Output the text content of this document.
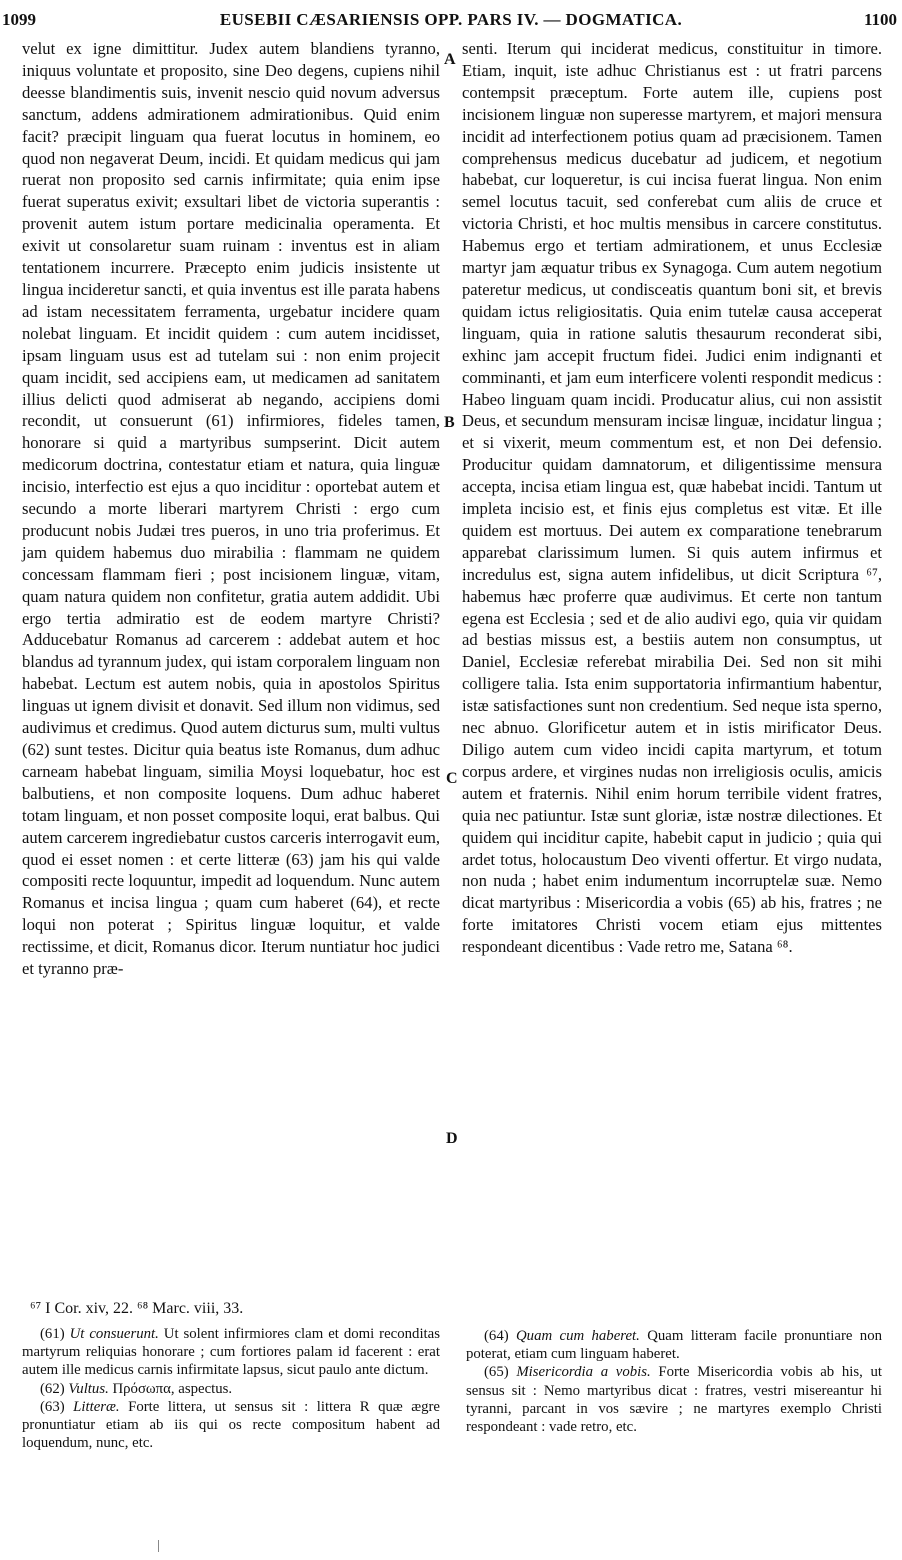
1099	EUSEBII CÆSARIENSIS OPP. PARS IV. — DOGMATICA.	1100

velut ex igne dimittitur. Judex autem blandiens tyranno, iniquus voluntate et proposito, sine Deo degens, cupiens nihil deesse blandimentis suis, invenit nescio quid novum adversus sanctum, addens admirationem admirationibus. Quid enim facit? præcipit linguam qua fuerat locutus in hominem, eo quod non negaverat Deum, incidi. Et quidam medicus qui jam ruerat non proposito sed carnis infirmitate; quia enim ipse fuerat superatus exivit; exsultari libet de victoria superantis : provenit autem istum portare medicinalia operamenta. Et exivit ut consolaretur suam ruinam : inventus est in aliam tentationem incurrere. Præcepto enim judicis insistente ut lingua incideretur sancti, et quia inventus est ille parata habens ad istam necessitatem ferramenta, urgebatur incidere quam nolebat linguam. Et incidit quidem : cum autem incidisset, ipsam linguam usus est ad tutelam sui : non enim projecit quam incidit, sed accipiens eam, ut medicamen ad sanitatem illius delicti quod admiserat ab negando, accipiens domi recondit, ut consuerunt (61) infirmiores, fideles tamen, honorare si quid a martyribus sumpserint. Dicit autem medicorum doctrina, contestatur etiam et natura, quia linguæ incisio, interfectio est ejus a quo inciditur : oportebat autem et secundo a morte liberari martyrem Christi : ergo cum producunt nobis Judæi tres pueros, in uno tria proferimus. Et jam quidem habemus duo mirabilia : flammam ne quidem concessam flammam fieri ; post incisionem linguæ, vitam, quam natura quidem non confitetur, gratia autem addidit. Ubi ergo tertia admiratio est de eodem martyre Christi? Adducebatur Romanus ad carcerem : addebat autem et hoc blandus ad tyrannum judex, qui istam corporalem linguam non habebat. Lectum est autem nobis, quia in apostolos Spiritus linguas ut ignem divisit et donavit. Sed illum non vidimus, sed audivimus et credimus. Quod autem dicturus sum, multi vultus (62) sunt testes. Dicitur quia beatus iste Romanus, dum adhuc carneam habebat linguam, similia Moysi loquebatur, hoc est balbutiens, et non composite loquens. Dum adhuc haberet totam linguam, et non posset composite loqui, erat balbus. Qui autem carcerem ingrediebatur custos carceris interrogavit eum, quod ei esset nomen : et certe litteræ (63) jam his qui valde compositi recte loquuntur, impedit ad loquendum. Nunc autem Romanus et incisa lingua ; quam cum haberet (64), et recte loqui non poterat ; Spiritus linguæ loquitur, et valde rectissime, et dicit, Romanus dicor. Iterum nuntiatur hoc judici et tyranno præ-

A
B
C
D

senti. Iterum qui inciderat medicus, constituitur in timore. Etiam, inquit, iste adhuc Christianus est : ut fratri parcens contempsit præceptum. Forte autem ille, cupiens post incisionem linguæ non superesse martyrem, et majori mensura incidit ad interfectionem potius quam ad præcisionem. Tamen comprehensus medicus ducebatur ad judicem, et negotium habebat, cur loqueretur, is cui incisa fuerat lingua. Non enim semel locutus tacuit, sed conferebat cum aliis de cruce et victoria Christi, et hoc multis mensibus in carcere constitutus. Habemus ergo et tertiam admirationem, et unus Ecclesiæ martyr jam æquatur tribus ex Synagoga. Cum autem negotium pateretur medicus, ut condisceatis quantum boni sit, et brevis quidam ictus religiositatis. Quia enim tutelæ causa acceperat linguam, quia in ratione salutis thesaurum reconderat sibi, exhinc jam accepit fructum fidei. Judici enim indignanti et comminanti, et jam eum interficere volenti respondit medicus : Habeo linguam quam incidi. Producatur alius, cui non assistit Deus, et secundum mensuram incisæ linguæ, incidatur lingua ; et si vixerit, meum commentum est, et non Dei defensio. Producitur quidam damnatorum, et diligentissime mensura accepta, incisa etiam lingua est, quæ habebat incidi. Tantum ut impleta incisio est, et finis ejus completus est vitæ. Et ille quidem est mortuus. Dei autem ex comparatione tenebrarum apparebat clarissimum lumen. Si quis autem infirmus et incredulus est, signa autem infidelibus, ut dicit Scriptura ⁶⁷, habemus hæc proferre quæ audivimus. Et certe non tantum egena est Ecclesia ; sed et de alio audivi ego, quia vir quidam ad bestias missus est, a bestiis autem non consumptus, ut Daniel, Ecclesiæ referebat mirabilia Dei. Sed non sit mihi colligere talia. Ista enim supportatoria infirmantium habentur, istæ satisfactiones sunt non credentium. Sed neque ista sperno, nec abnuo. Glorificetur autem et in istis mirificator Deus. Diligo autem cum video incidi capita martyrum, et totum corpus ardere, et virgines nudas non irreligiosis oculis, amicis autem et fraternis. Nihil enim horum terribile vident fratres, quia nec patiuntur. Istæ sunt gloriæ, istæ nostræ dilectiones. Et quidem qui inciditur capite, habebit caput in judicio ; quia qui ardet totus, holocaustum Deo viventi offertur. Et virgo nudata, non nuda ; habet enim indumentum incorruptelæ suæ. Nemo dicat martyribus : Misericordia a vobis (65) ab his, fratres ; ne forte imitatores Christi vocem etiam ejus mittentes respondeant dicentibus : Vade retro me, Satana ⁶⁸.

⁶⁷ I Cor. xiv, 22. ⁶⁸ Marc. viii, 33.

(61) Ut consuerunt. Ut solent infirmiores clam et domi reconditas martyrum reliquias honorare ; cum fortiores palam id facerent : erat autem ille medicus carnis infirmitate lapsus, sicut paulo ante dictum.

(62) Vultus. Πρόσωπα, aspectus.

(63) Litteræ. Forte littera, ut sensus sit : littera R quæ ægre pronuntiatur etiam ab iis qui os recte compositum habent ad loquendum, nunc, etc.

(64) Quam cum haberet. Quam litteram facile pronuntiare non poterat, etiam cum linguam haberet.

(65) Misericordia a vobis. Forte Misericordia vobis ab his, ut sensus sit : Nemo martyribus dicat : fratres, vestri misereantur hi tyranni, parcant in vos sævire ; ne martyres exemplo Christi respondeant : vade retro, etc.
